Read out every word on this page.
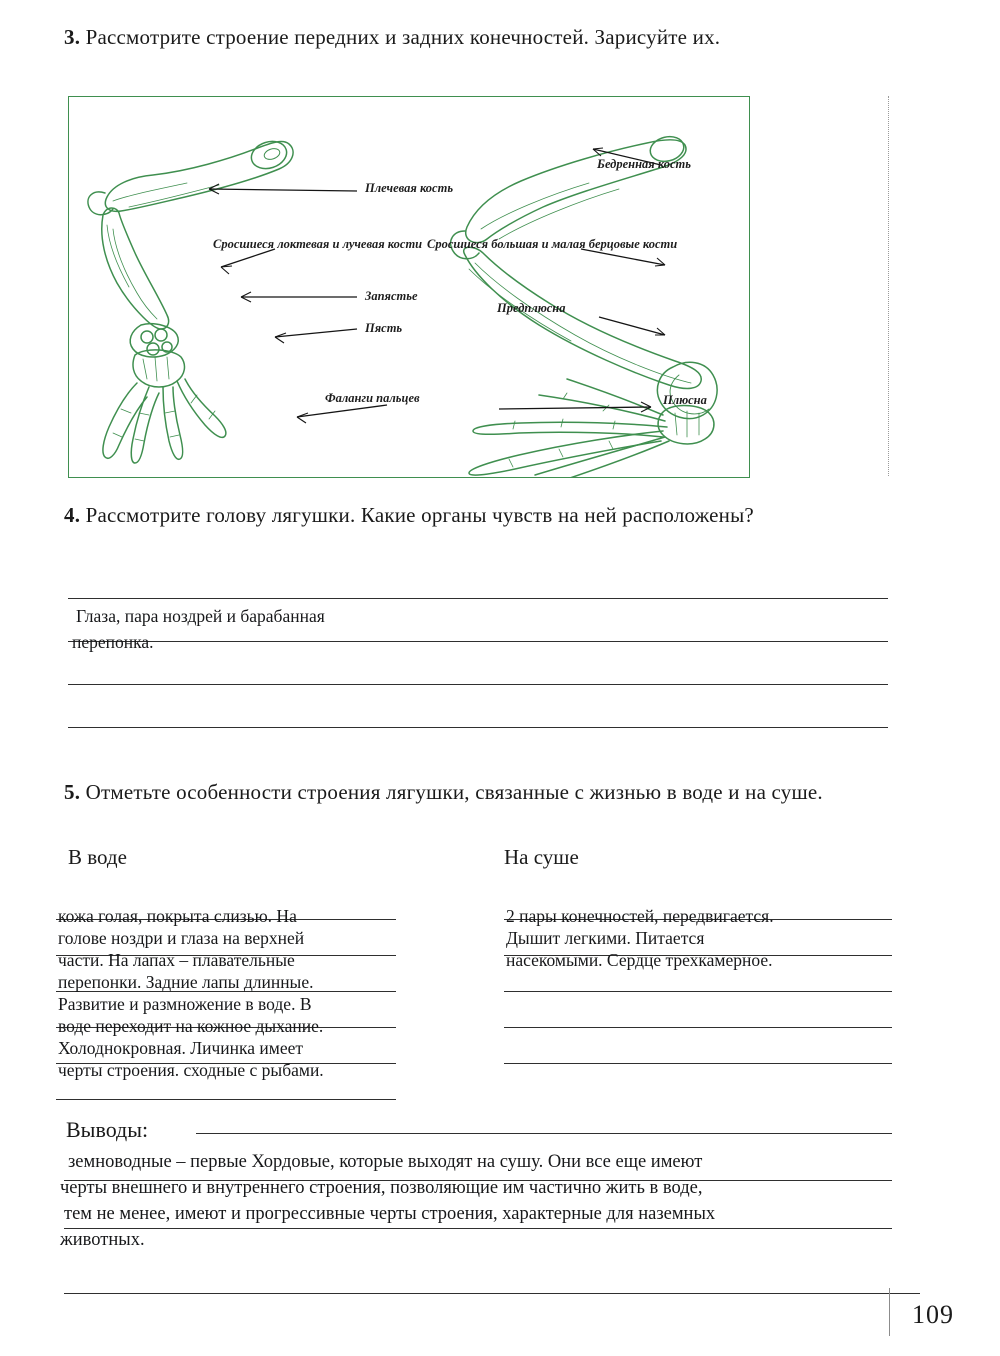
3. Рассмотрите строение передних и задних конечностей. Зарисуйте их.
Плечевая кость
Сросшиеся локтевая и лучевая кости
Запястье
Пясть
Фаланги пальцев
Бедренная кость
Сросшиеся большая и малая берцовые кости
Предплюсна
Плюсна
4. Рассмотрите голову лягушки. Какие органы чувств на ней расположены?
Глаза, пара ноздрей и барабанная
перепонка.
5. Отметьте особенности строения лягушки, связанные с жизнью в воде и на суше.
В воде	На суше
кожа голая, покрыта слизью. На
голове ноздри и глаза на верхней
части. На лапах – плавательные
перепонки. Задние лапы длинные.
Развитие и размножение в воде. В
воде переходит на кожное дыхание.
Холоднокровная. Личинка имеет
черты строения. сходные с рыбами.
2 пары конечностей, передвигается.
Дышит легкими. Питается
насекомыми. Сердце трехкамерное.
Выводы:
земноводные – первые Хордовые, которые выходят на сушу. Они все еще имеют
черты внешнего и внутреннего строения, позволяющие им частично жить в воде,
тем не менее, имеют и прогрессивные черты строения, характерные для наземных
животных.
109
